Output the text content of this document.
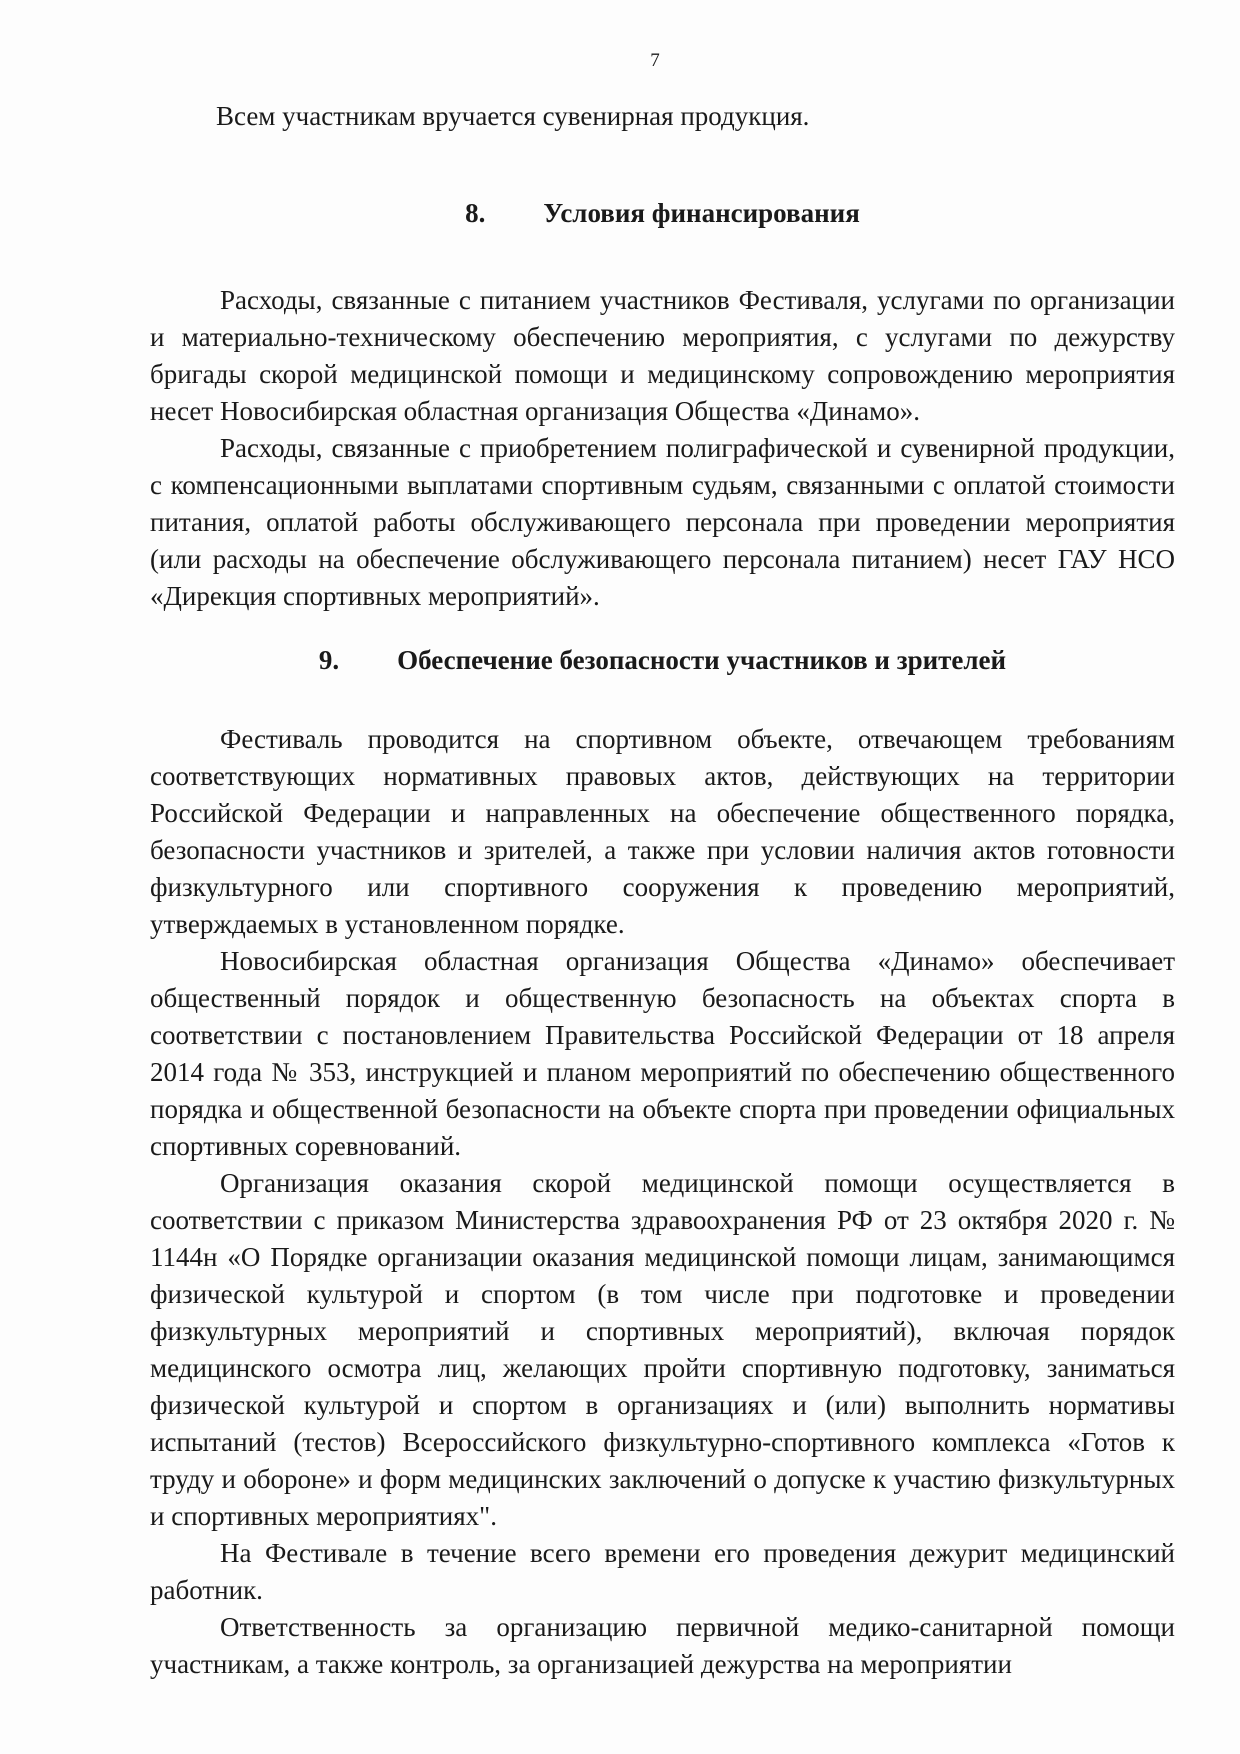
7

Всем участникам вручается сувенирная продукция.

8. Условия финансирования

Расходы, связанные с питанием участников Фестиваля, услугами по организации и материально-техническому обеспечению мероприятия, с услугами по дежурству бригады скорой медицинской помощи и медицинскому сопровождению мероприятия несет Новосибирская областная организация Общества «Динамо».

Расходы, связанные с приобретением полиграфической и сувенирной продукции, с компенсационными выплатами спортивным судьям, связанными с оплатой стоимости питания, оплатой работы обслуживающего персонала при проведении мероприятия (или расходы на обеспечение обслуживающего персонала питанием) несет ГАУ НСО «Дирекция спортивных мероприятий».

9. Обеспечение безопасности участников и зрителей

Фестиваль проводится на спортивном объекте, отвечающем требованиям соответствующих нормативных правовых актов, действующих на территории Российской Федерации и направленных на обеспечение общественного порядка, безопасности участников и зрителей, а также при условии наличия актов готовности физкультурного или спортивного сооружения к проведению мероприятий, утверждаемых в установленном порядке.

Новосибирская областная организация Общества «Динамо» обеспечивает общественный порядок и общественную безопасность на объектах спорта в соответствии с постановлением Правительства Российской Федерации от 18 апреля 2014 года № 353, инструкцией и планом мероприятий по обеспечению общественного порядка и общественной безопасности на объекте спорта при проведении официальных спортивных соревнований.

Организация оказания скорой медицинской помощи осуществляется в соответствии с приказом Министерства здравоохранения РФ от 23 октября 2020 г. № 1144н «О Порядке организации оказания медицинской помощи лицам, занимающимся физической культурой и спортом (в том числе при подготовке и проведении физкультурных мероприятий и спортивных мероприятий), включая порядок медицинского осмотра лиц, желающих пройти спортивную подготовку, заниматься физической культурой и спортом в организациях и (или) выполнить нормативы испытаний (тестов) Всероссийского физкультурно-спортивного комплекса «Готов к труду и обороне» и форм медицинских заключений о допуске к участию физкультурных и спортивных мероприятиях".

На Фестивале в течение всего времени его проведения дежурит медицинский работник.

Ответственность за организацию первичной медико-санитарной помощи участникам, а также контроль, за организацией дежурства на мероприятии
